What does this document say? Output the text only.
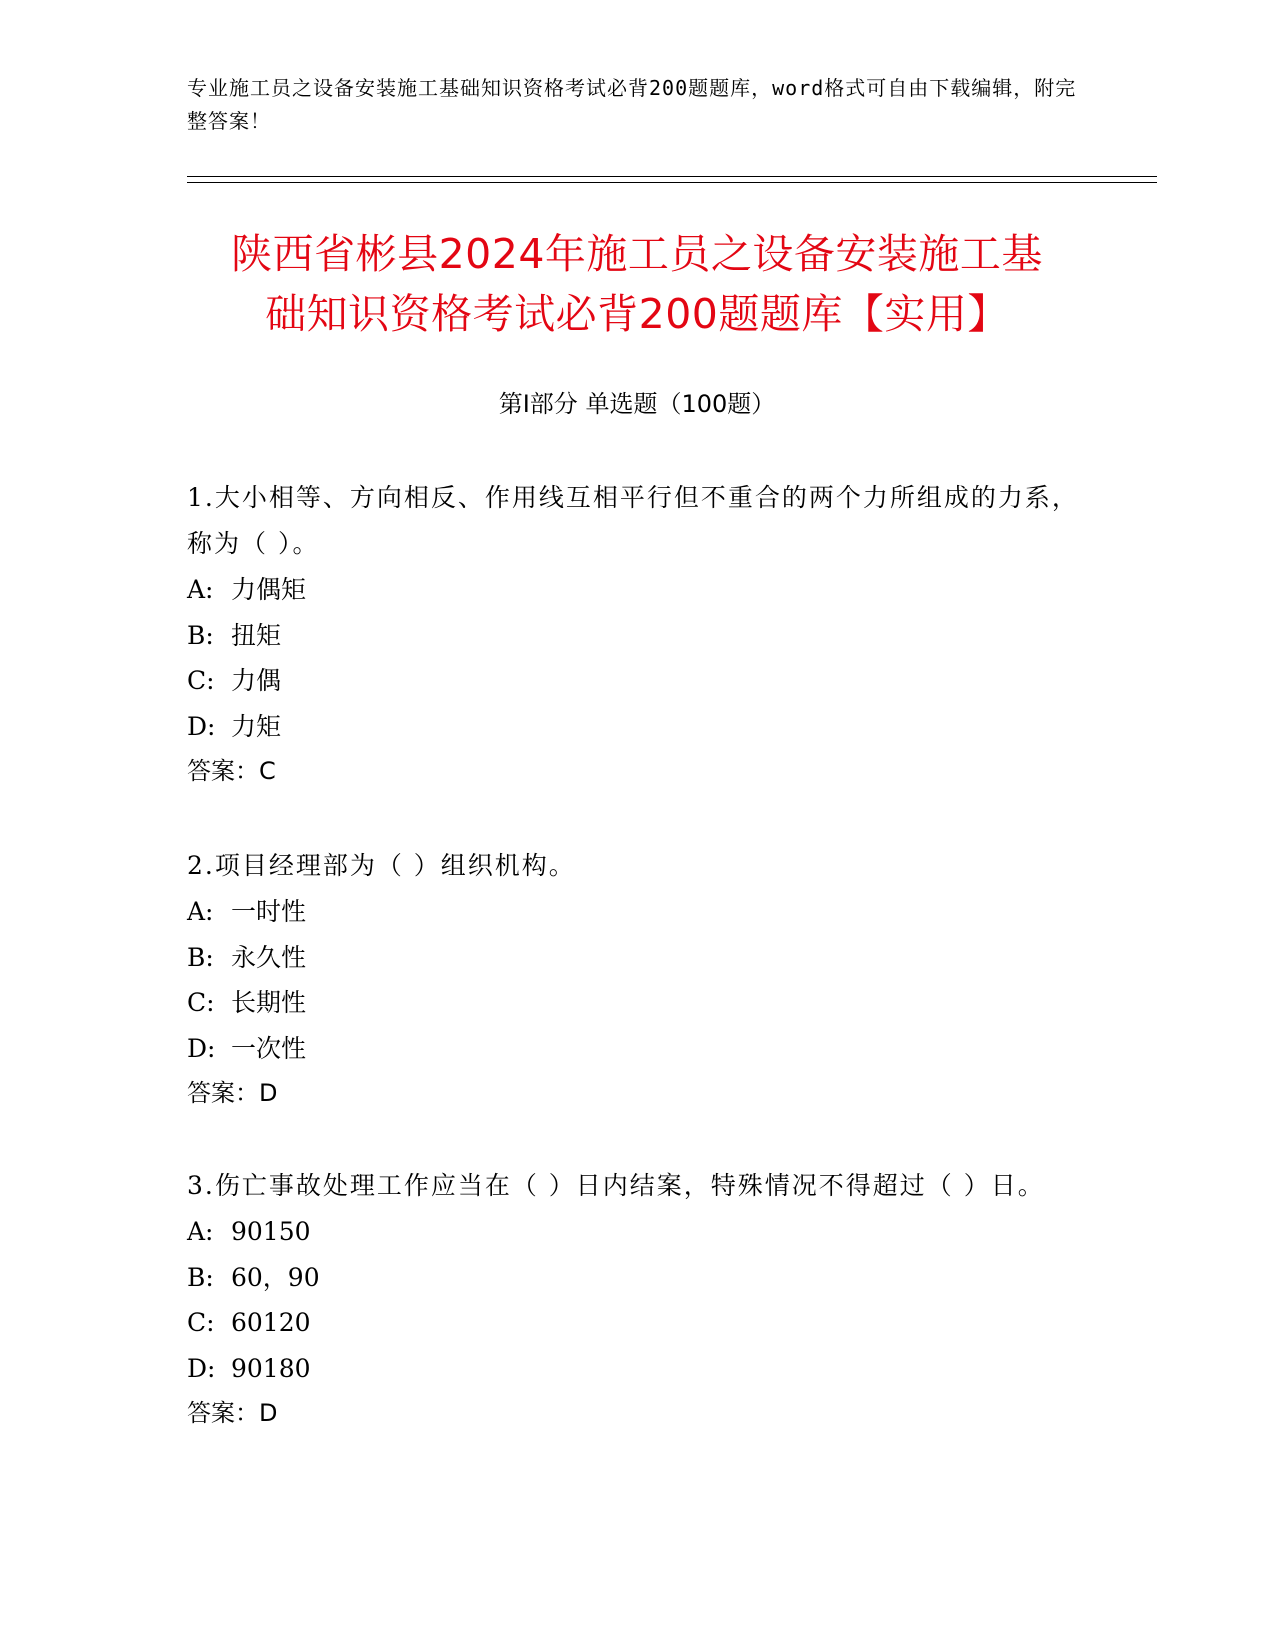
专业施工员之设备安装施工基础知识资格考试必背200题题库，word格式可自由下载编辑，附完整答案！
陕西省彬县2024年施工员之设备安装施工基
础知识资格考试必背200题题库【实用】
第Ⅰ部分 单选题（100题）
1.大小相等、方向相反、作用线互相平行但不重合的两个力所组成的力系，称为（ ）。
A: 力偶矩
B: 扭矩
C: 力偶
D: 力矩
答案：C
2.项目经理部为（ ）组织机构。
A: 一时性
B: 永久性
C: 长期性
D: 一次性
答案：D
3.伤亡事故处理工作应当在（ ）日内结案，特殊情况不得超过（ ）日。
A: 90150
B: 60，90
C: 60120
D: 90180
答案：D
